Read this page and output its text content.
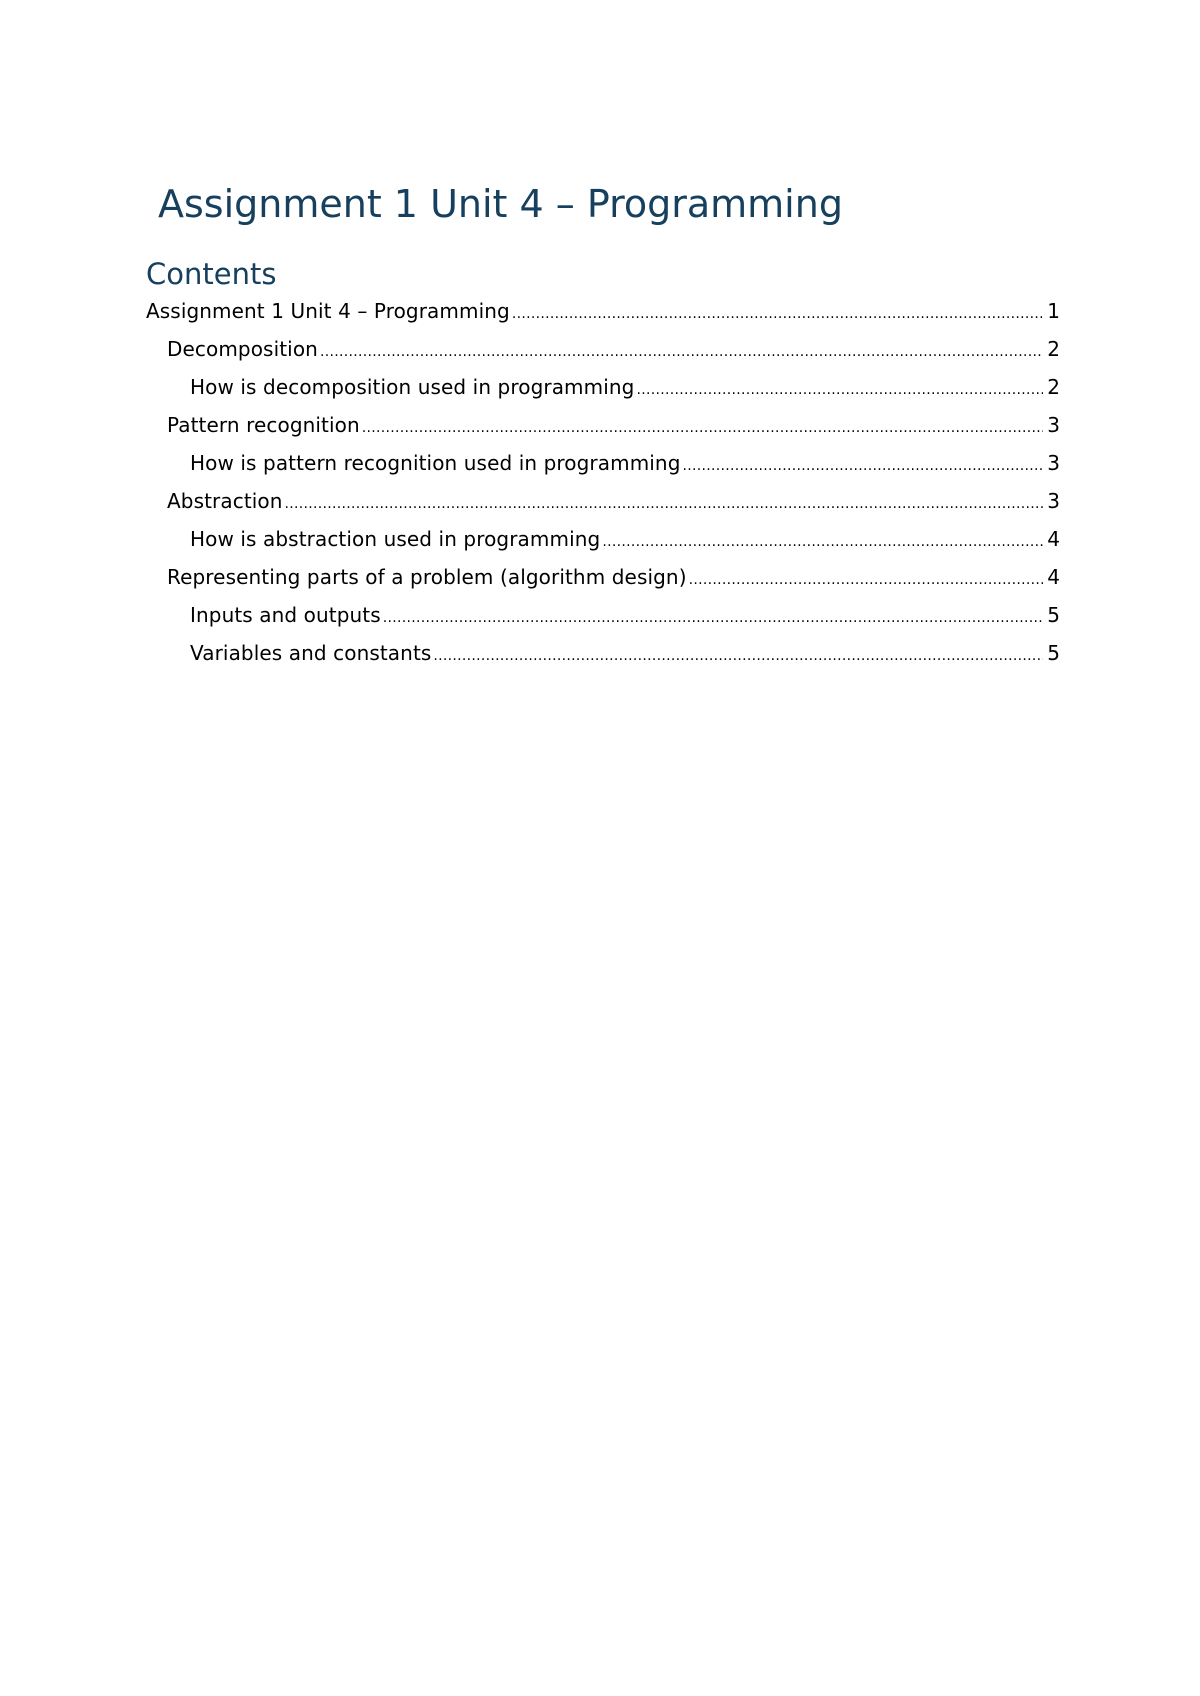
Assignment 1 Unit 4 – Programming
Contents
Assignment 1 Unit 4 – Programming .....	1
Decomposition .....	2
How is decomposition used in programming .....	2
Pattern recognition .....	3
How is pattern recognition used in programming .....	3
Abstraction .....	3
How is abstraction used in programming .....	4
Representing parts of a problem (algorithm design) .....	4
Inputs and outputs .....	5
Variables and constants .....	5
